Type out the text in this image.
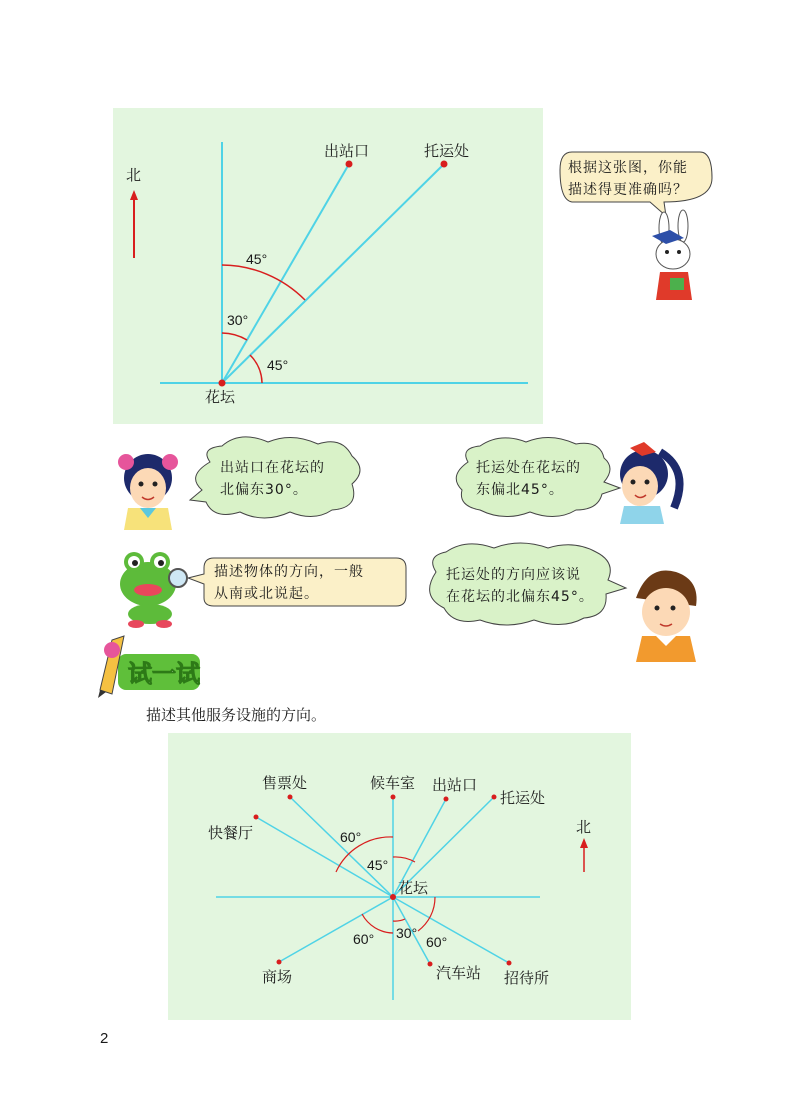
北
出站口	托运处
花坛
45°
30°
45°
试一试
根据这张图，你能
描述得更准确吗？
出站口在花坛的
北偏东30°。
托运处在花坛的
东偏北45°。
描述物体的方向，一般
从南或北说起。
托运处的方向应该说
在花坛的北偏东45°。
描述其他服务设施的方向。
北
售票处	候车室 出站口
托运处
快餐厅
花坛
商场	汽车站 招待所
60°
45°
60° 30°
60°
2
